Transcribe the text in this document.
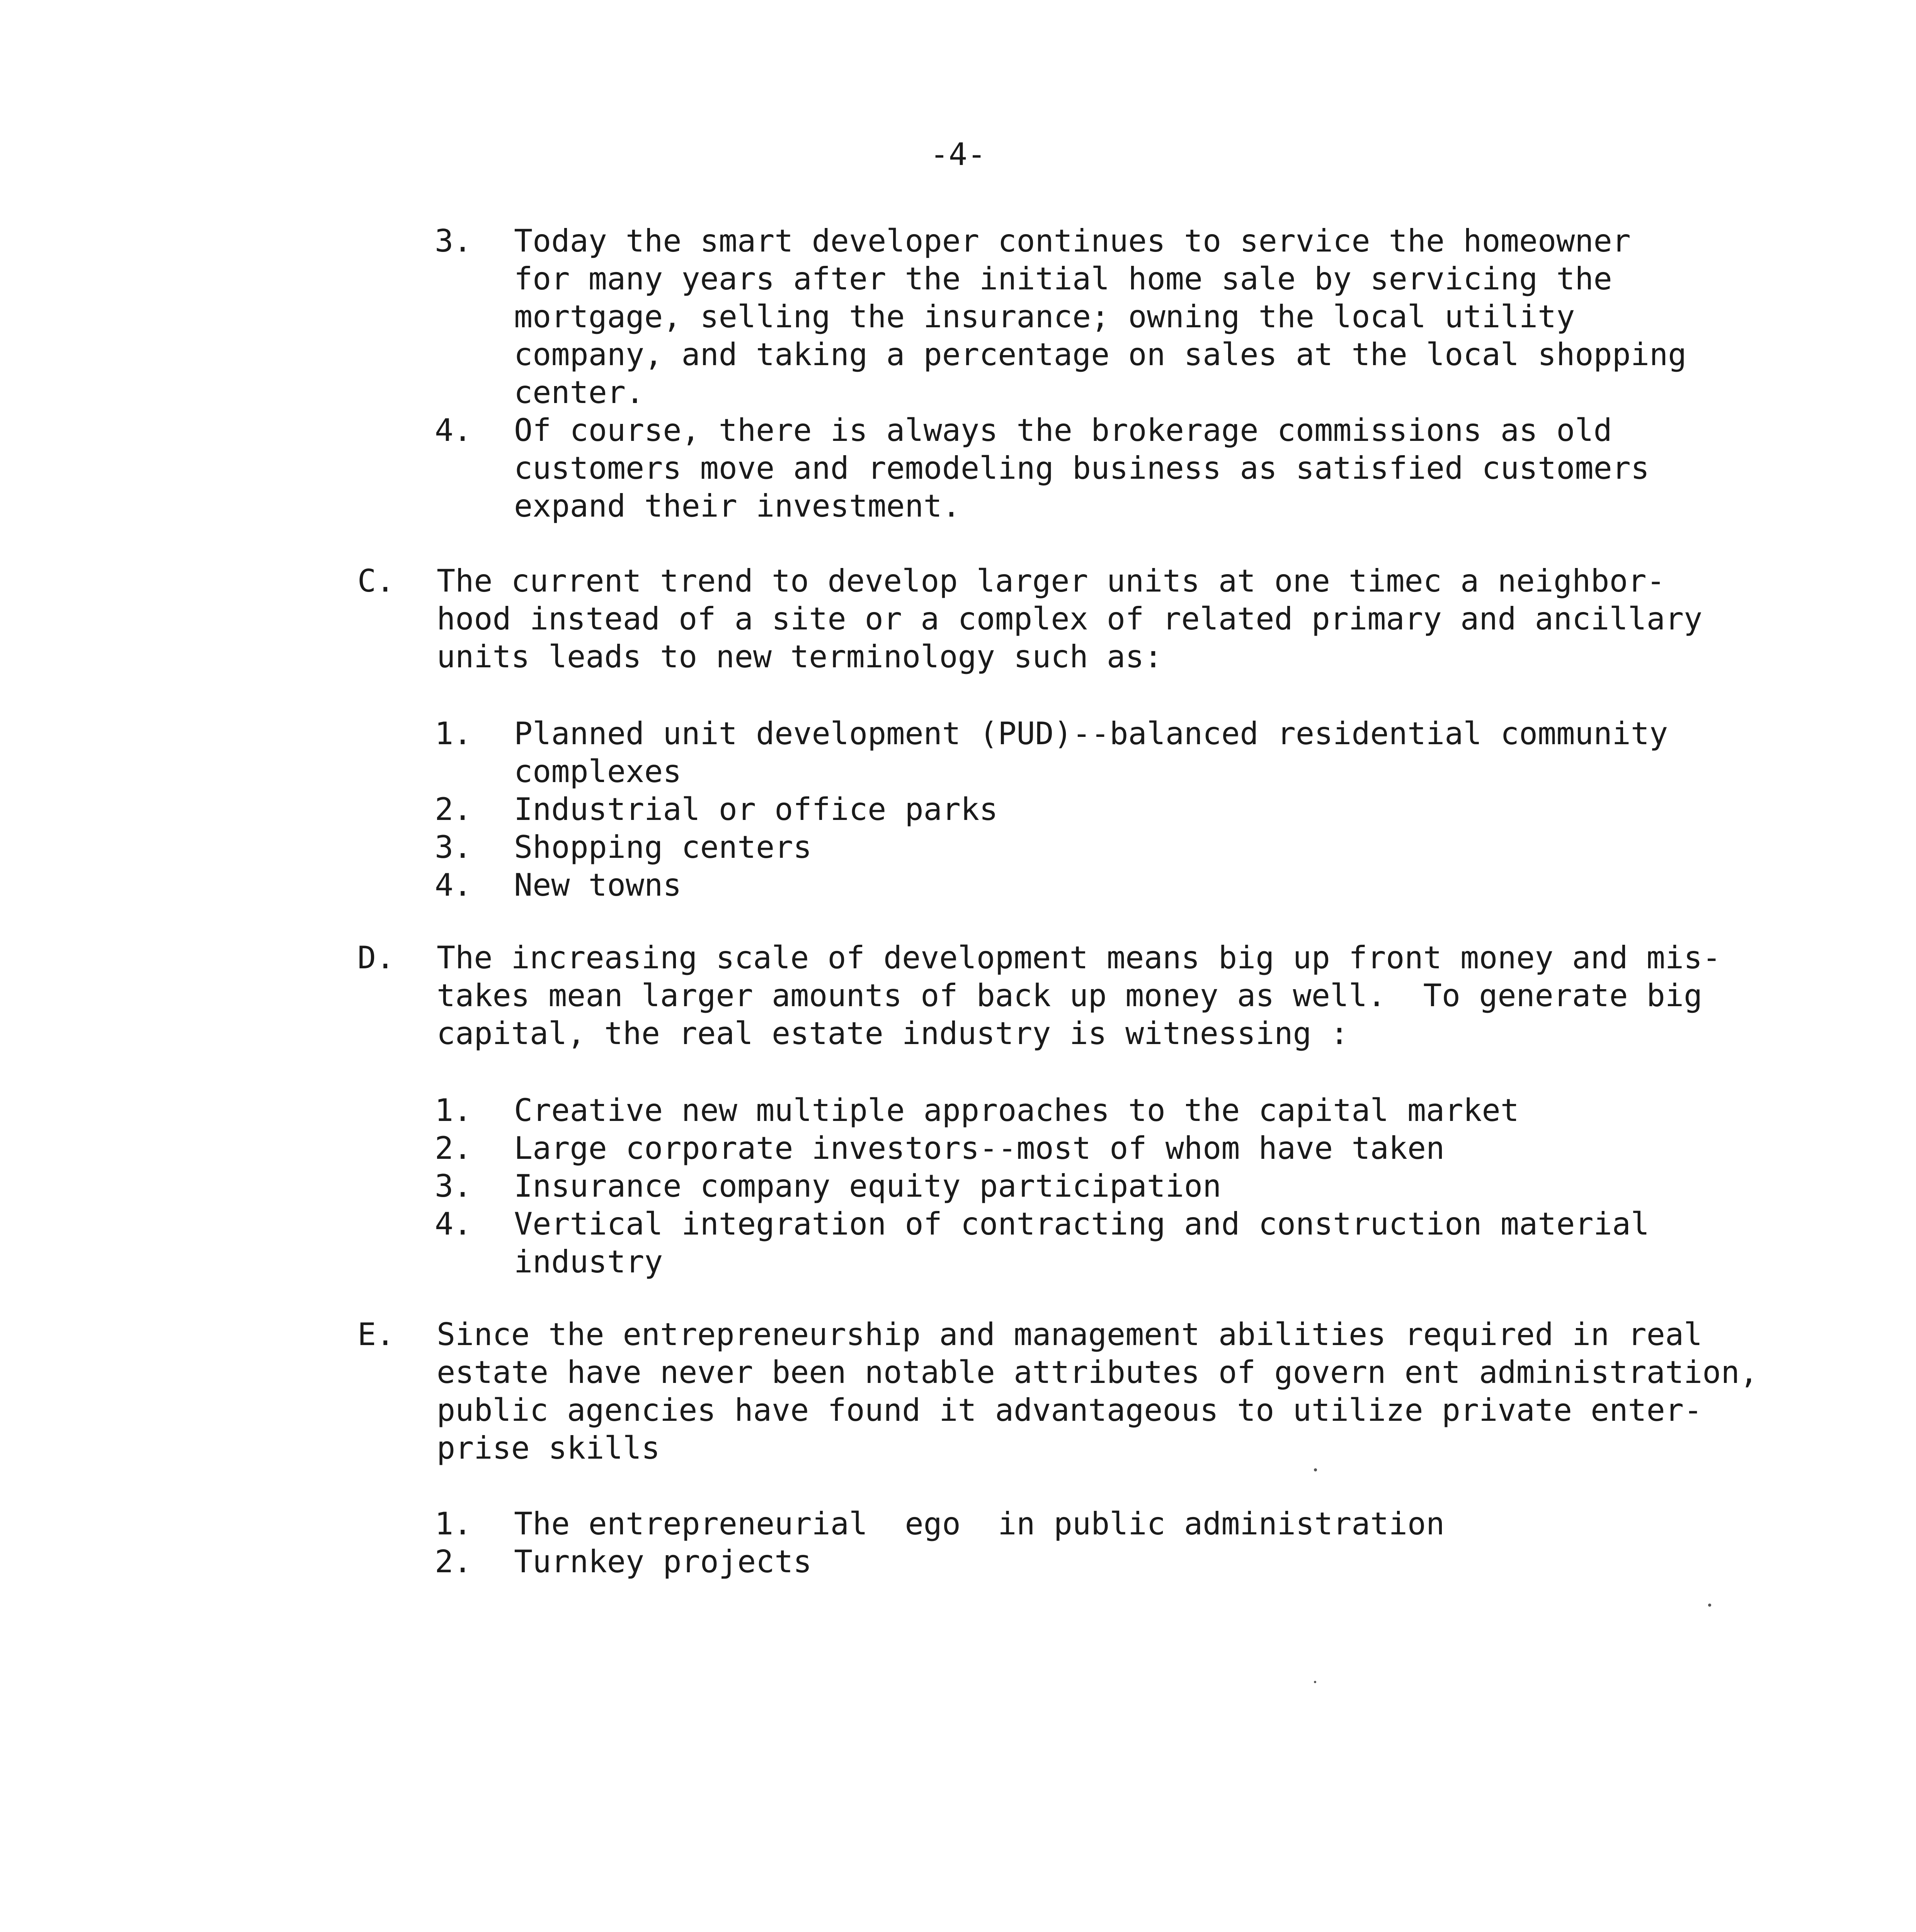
-4-
3. Today the smart developer continues to service the homeowner
for many years after the initial home sale by servicing the
mortgage, selling the insurance; owning the local utility
company, and taking a percentage on sales at the local shopping
center.
4. Of course, there is always the brokerage commissions as old
customers move and remodeling business as satisfied customers
expand their investment.
C. The current trend to develop larger units at one timec a neighbor-
hood instead of a site or a complex of related primary and ancillary
units leads to new terminology such as:
1. Planned unit development (PUD)--balanced residential community
complexes
2. Industrial or office parks
3. Shopping centers
4. New towns
D. The increasing scale of development means big up front money and mis-
takes mean larger amounts of back up money as well.  To generate big
capital, the real estate industry is witnessing :
1. Creative new multiple approaches to the capital market
2. Large corporate investors--most of whom have taken
3. Insurance company equity participation
4. Vertical integration of contracting and construction material
industry
E. Since the entrepreneurship and management abilities required in real
estate have never been notable attributes of govern ent administration,
public agencies have found it advantageous to utilize private enter-
prise skills
1. The entrepreneurial  ego  in public administration
2. Turnkey projects
